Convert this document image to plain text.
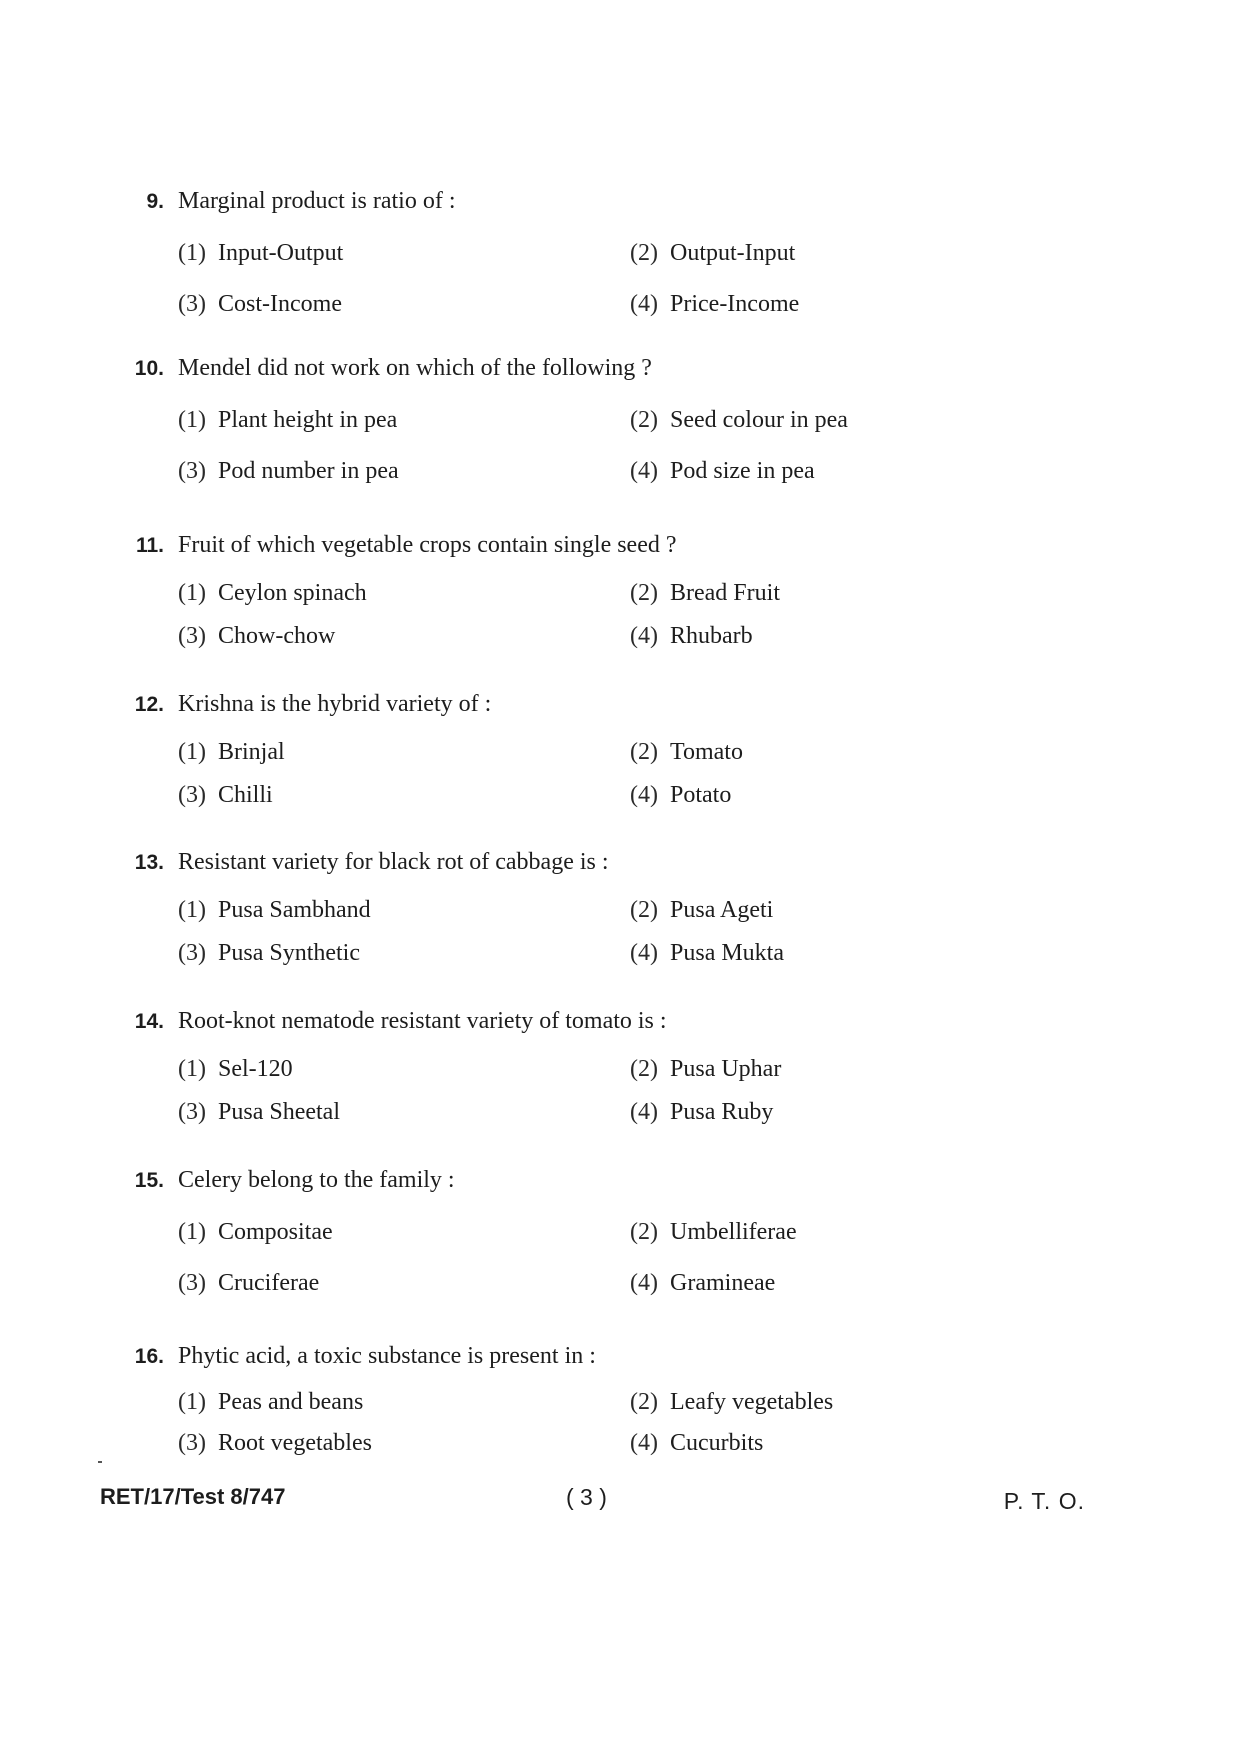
9. Marginal product is ratio of :
(1) Input-Output	(2) Output-Input
(3) Cost-Income	(4) Price-Income
10. Mendel did not work on which of the following ?
(1) Plant height in pea	(2) Seed colour in pea
(3) Pod number in pea	(4) Pod size in pea
11. Fruit of which vegetable crops contain single seed ?
(1) Ceylon spinach	(2) Bread Fruit
(3) Chow-chow	(4) Rhubarb
12. Krishna is the hybrid variety of :
(1) Brinjal	(2) Tomato
(3) Chilli	(4) Potato
13. Resistant variety for black rot of cabbage is :
(1) Pusa Sambhand	(2) Pusa Ageti
(3) Pusa Synthetic	(4) Pusa Mukta
14. Root-knot nematode resistant variety of tomato is :
(1) Sel-120	(2) Pusa Uphar
(3) Pusa Sheetal	(4) Pusa Ruby
15. Celery belong to the family :
(1) Compositae	(2) Umbelliferae
(3) Cruciferae	(4) Gramineae
16. Phytic acid, a toxic substance is present in :
(1) Peas and beans	(2) Leafy vegetables
(3) Root vegetables	(4) Cucurbits
RET/17/Test 8/747	( 3 )	P. T. O.
